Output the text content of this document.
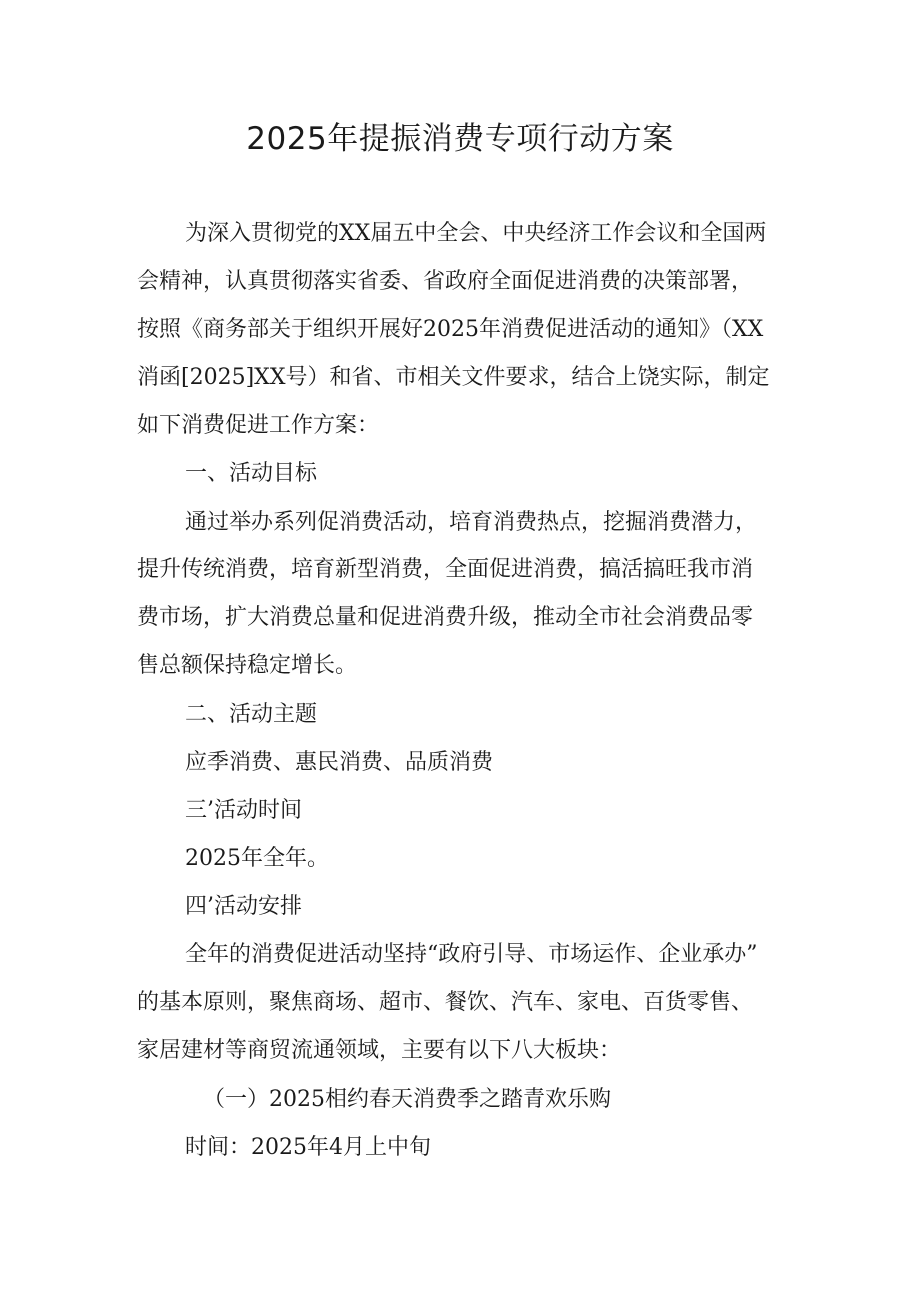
2025年提振消费专项行动方案

为深入贯彻党的XX届五中全会、中央经济工作会议和全国两

会精神，认真贯彻落实省委、省政府全面促进消费的决策部署，

按照《商务部关于组织开展好2025年消费促进活动的通知》（XX

消函[2025]XX号）和省、市相关文件要求，结合上饶实际，制定

如下消费促进工作方案：

一、活动目标

通过举办系列促消费活动，培育消费热点，挖掘消费潜力，

提升传统消费，培育新型消费，全面促进消费，搞活搞旺我市消

费市场，扩大消费总量和促进消费升级，推动全市社会消费品零

售总额保持稳定增长。

二、活动主题

应季消费、惠民消费、品质消费

三’活动时间

2025年全年。

四’活动安排

全年的消费促进活动坚持“政府引导、市场运作、企业承办”

的基本原则，聚焦商场、超市、餐饮、汽车、家电、百货零售、

家居建材等商贸流通领域，主要有以下八大板块：

（一）2025相约春天消费季之踏青欢乐购

时间：2025年4月上中旬
